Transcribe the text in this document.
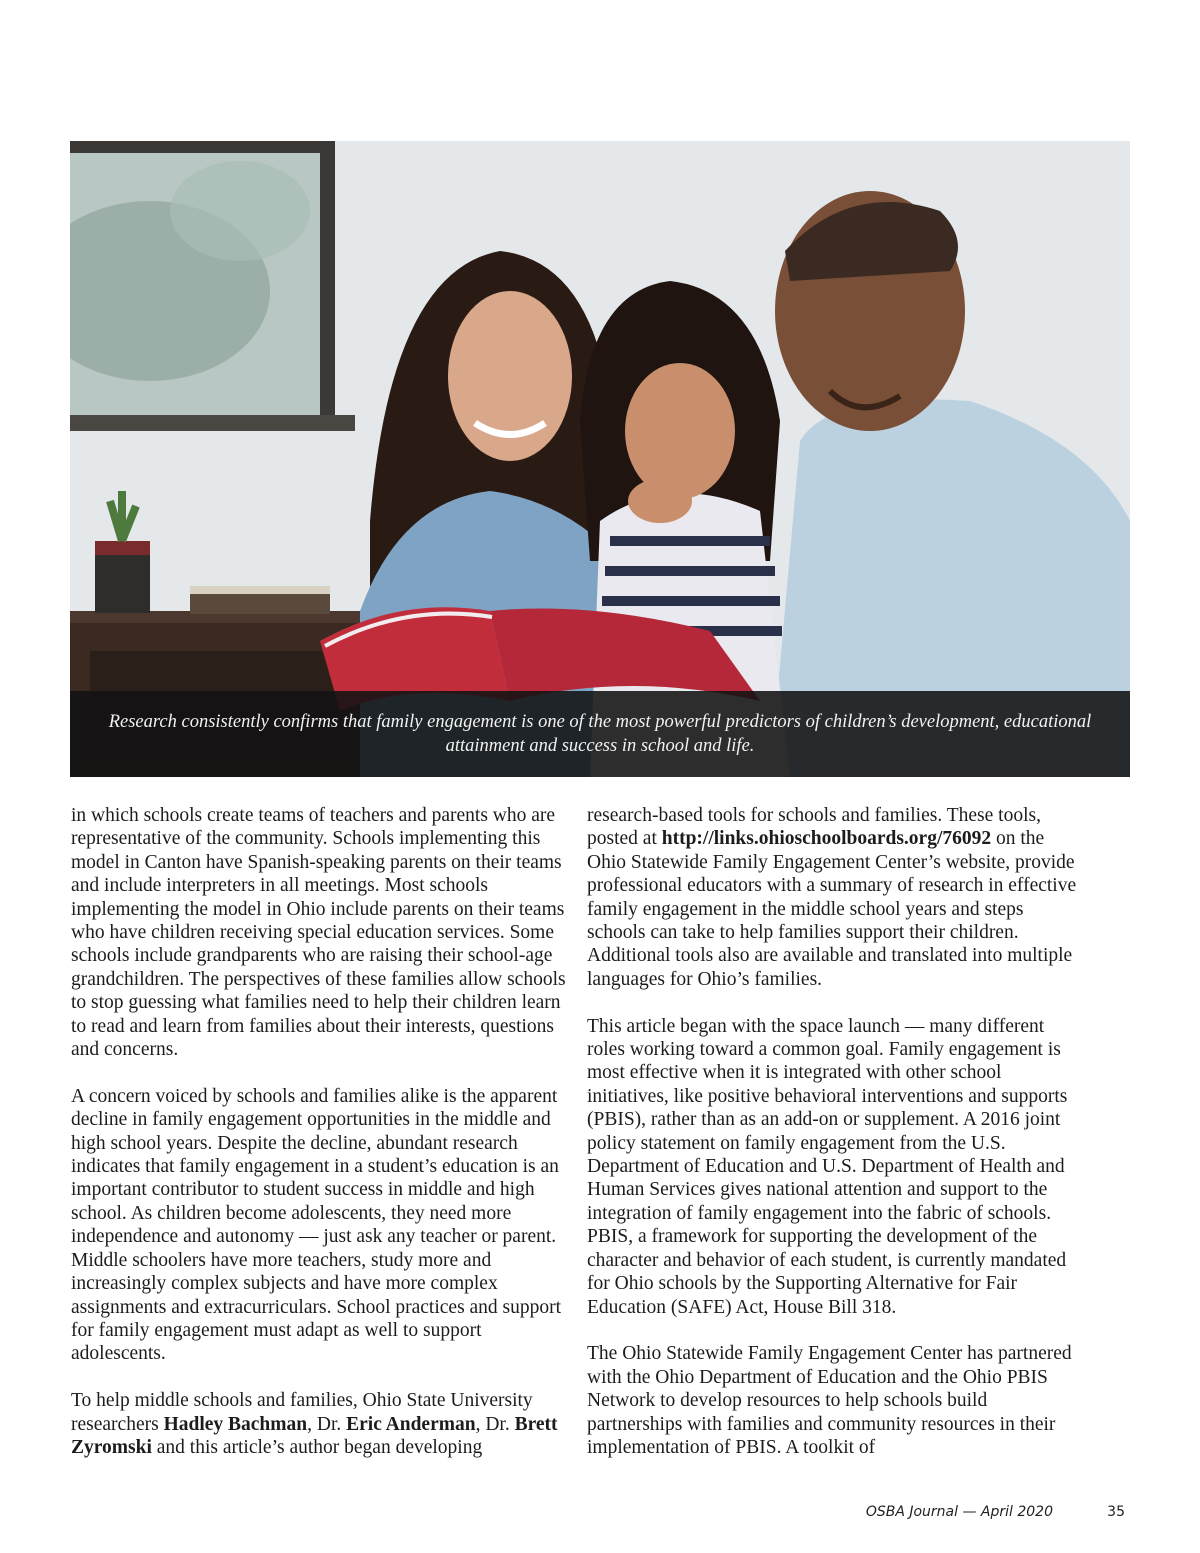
Research consistently confirms that family engagement is one of the most powerful predictors of children’s development, educational attainment and success in school and life.

in which schools create teams of teachers and parents who are representative of the community. Schools implementing this model in Canton have Spanish-speaking parents on their teams and include interpreters in all meetings. Most schools implementing the model in Ohio include parents on their teams who have children receiving special education services. Some schools include grandparents who are raising their school-age grandchildren. The perspectives of these families allow schools to stop guessing what families need to help their children learn to read and learn from families about their interests, questions and concerns.

A concern voiced by schools and families alike is the apparent decline in family engagement opportunities in the middle and high school years. Despite the decline, abundant research indicates that family engagement in a student’s education is an important contributor to student success in middle and high school. As children become adolescents, they need more independence and autonomy — just ask any teacher or parent. Middle schoolers have more teachers, study more and increasingly complex subjects and have more complex assignments and extracurriculars. School practices and support for family engagement must adapt as well to support adolescents.

To help middle schools and families, Ohio State University researchers Hadley Bachman, Dr. Eric Anderman, Dr. Brett Zyromski and this article’s author began developing

research-based tools for schools and families. These tools, posted at http://links.ohioschoolboards.org/76092 on the Ohio Statewide Family Engagement Center’s website, provide professional educators with a summary of research in effective family engagement in the middle school years and steps schools can take to help families support their children. Additional tools also are available and translated into multiple languages for Ohio’s families.

This article began with the space launch — many different roles working toward a common goal. Family engagement is most effective when it is integrated with other school initiatives, like positive behavioral interventions and supports (PBIS), rather than as an add-on or supplement. A 2016 joint policy statement on family engagement from the U.S. Department of Education and U.S. Department of Health and Human Services gives national attention and support to the integration of family engagement into the fabric of schools. PBIS, a framework for supporting the development of the character and behavior of each student, is currently mandated for Ohio schools by the Supporting Alternative for Fair Education (SAFE) Act, House Bill 318.

The Ohio Statewide Family Engagement Center has partnered with the Ohio Department of Education and the Ohio PBIS Network to develop resources to help schools build partnerships with families and community resources in their implementation of PBIS. A toolkit of

OSBA Journal — April 2020	35
